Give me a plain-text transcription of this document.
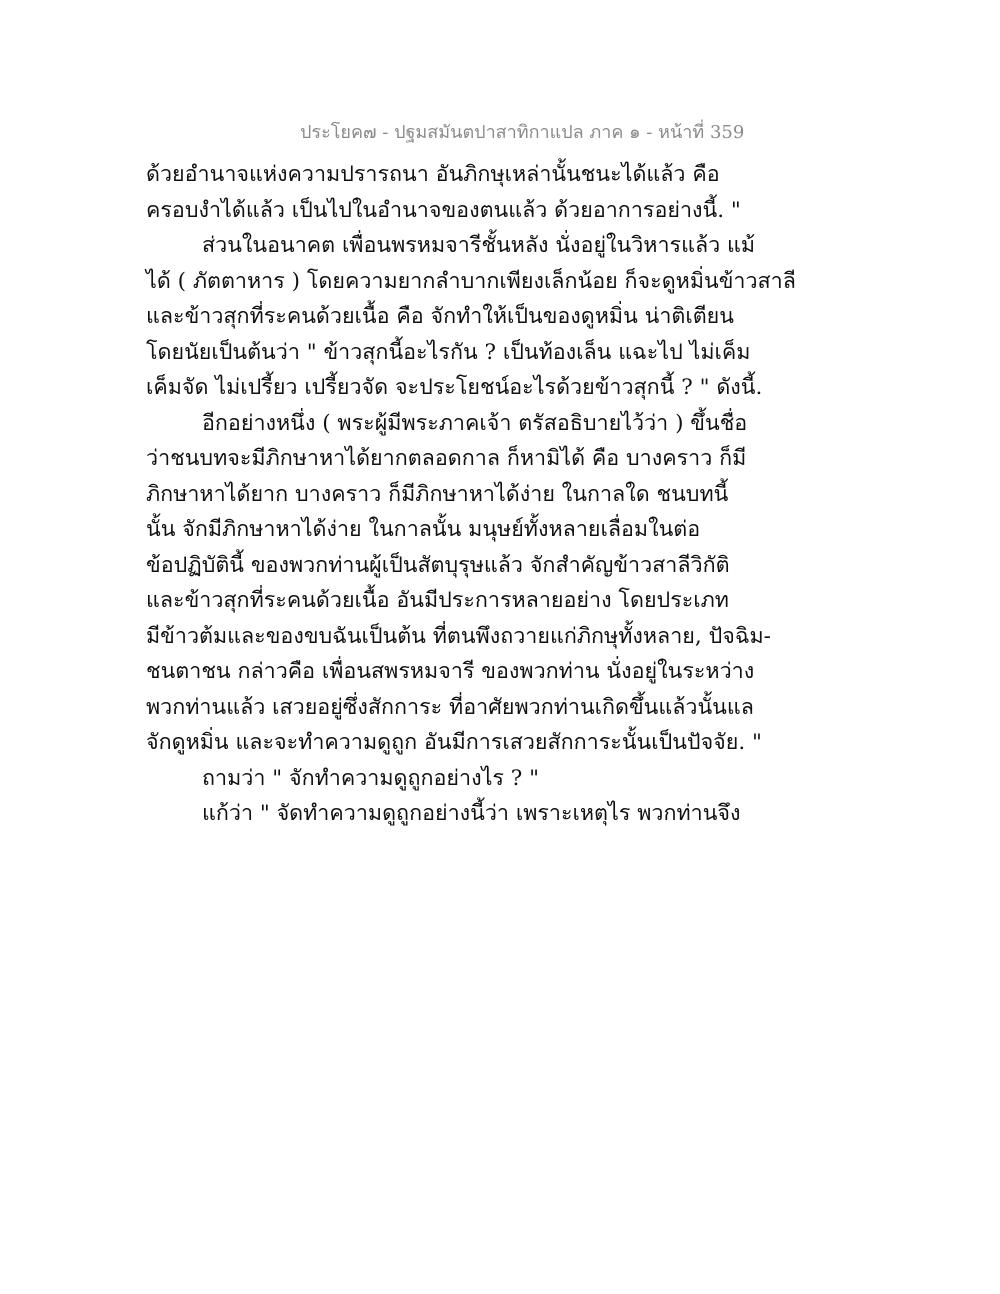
ประโยค๗ - ปฐมสมันตปาสาทิกาแปล ภาค ๑ - หน้าที่ 359
ด้วยอำนาจแห่งความปรารถนา อันภิกษุเหล่านั้นชนะได้แล้ว คือ
ครอบงำได้แล้ว เป็นไปในอำนาจของตนแล้ว ด้วยอาการอย่างนี้. "
ส่วนในอนาคต เพื่อนพรหมจารีชั้นหลัง นั่งอยู่ในวิหารแล้ว แม้
ได้ ( ภัตตาหาร ) โดยความยากลำบากเพียงเล็กน้อย ก็จะดูหมิ่นข้าวสาลี
และข้าวสุกที่ระคนด้วยเนื้อ คือ จักทำให้เป็นของดูหมิ่น น่าติเตียน
โดยนัยเป็นต้นว่า " ข้าวสุกนี้อะไรกัน ? เป็นท้องเล็น แฉะไป ไม่เค็ม
เค็มจัด ไม่เปรี้ยว เปรี้ยวจัด จะประโยชน์อะไรด้วยข้าวสุกนี้ ? " ดังนี้.
อีกอย่างหนึ่ง ( พระผู้มีพระภาคเจ้า ตรัสอธิบายไว้ว่า ) ขึ้นชื่อ
ว่าชนบทจะมีภิกษาหาได้ยากตลอดกาล ก็หามิได้ คือ บางคราว ก็มี
ภิกษาหาได้ยาก บางคราว ก็มีภิกษาหาได้ง่าย ในกาลใด ชนบทนี้
นั้น จักมีภิกษาหาได้ง่าย ในกาลนั้น มนุษย์ทั้งหลายเลื่อมในต่อ
ข้อปฏิบัตินี้ ของพวกท่านผู้เป็นสัตบุรุษแล้ว จักสำคัญข้าวสาลีวิกัติ
และข้าวสุกที่ระคนด้วยเนื้อ อันมีประการหลายอย่าง โดยประเภท
มีข้าวต้มและของขบฉันเป็นต้น ที่ตนพึงถวายแก่ภิกษุทั้งหลาย, ปัจฉิม-
ชนตาชน กล่าวคือ เพื่อนสพรหมจารี ของพวกท่าน นั่งอยู่ในระหว่าง
พวกท่านแล้ว เสวยอยู่ซึ่งสักการะ ที่อาศัยพวกท่านเกิดขึ้นแล้วนั้นแล
จักดูหมิ่น และจะทำความดูถูก อันมีการเสวยสักการะนั้นเป็นปัจจัย. "
ถามว่า " จักทำความดูถูกอย่างไร ? "
แก้ว่า " จัดทำความดูถูกอย่างนี้ว่า เพราะเหตุไร พวกท่านจึง
